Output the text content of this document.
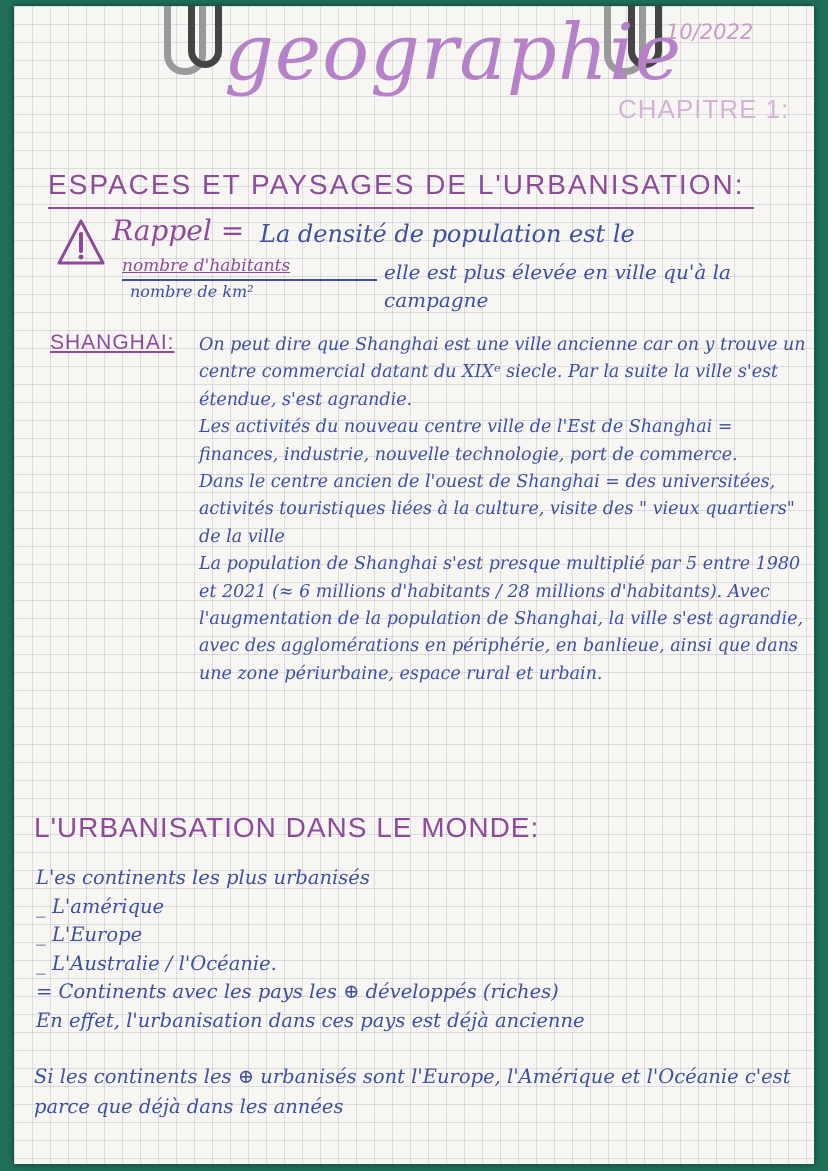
geographie
10/2022
CHAPITRE 1:
ESPACES ET PAYSAGES DE L'URBANISATION:
Rappel = La densité de population est le
nombre d'habitants
nombre de km²
elle est plus élevée en ville qu'à la campagne
SHANGHAI: On peut dire que Shanghai est une ville ancienne car on y trouve un centre commercial datant du XIXᵉ siecle. Par la suite la ville s'est étendue, s'est agrandie.
Les activités du nouveau centre ville de l'Est de Shanghai = finances, industrie, nouvelle technologie, port de commerce.
Dans le centre ancien de l'ouest de Shanghai = des universitées, activités touristiques liées à la culture, visite des " vieux quartiers" de la ville
La population de Shanghai s'est presque multiplié par 5 entre 1980 et 2021 (≈ 6 millions d'habitants / 28 millions d'habitants). Avec l'augmentation de la population de Shanghai, la ville s'est agrandie, avec des agglomérations en périphérie, en banlieue, ainsi que dans une zone périurbaine, espace rural et urbain.
L'URBANISATION DANS LE MONDE:
L'es continents les plus urbanisés
_ L'amérique
_ L'Europe
_ L'Australie / l'Océanie.
= Continents avec les pays les ⊕ développés (riches)
En effet, l'urbanisation dans ces pays est déjà ancienne
Si les continents les ⊕ urbanisés sont l'Europe, l'Amérique et l'Océanie c'est parce que déjà dans les années
